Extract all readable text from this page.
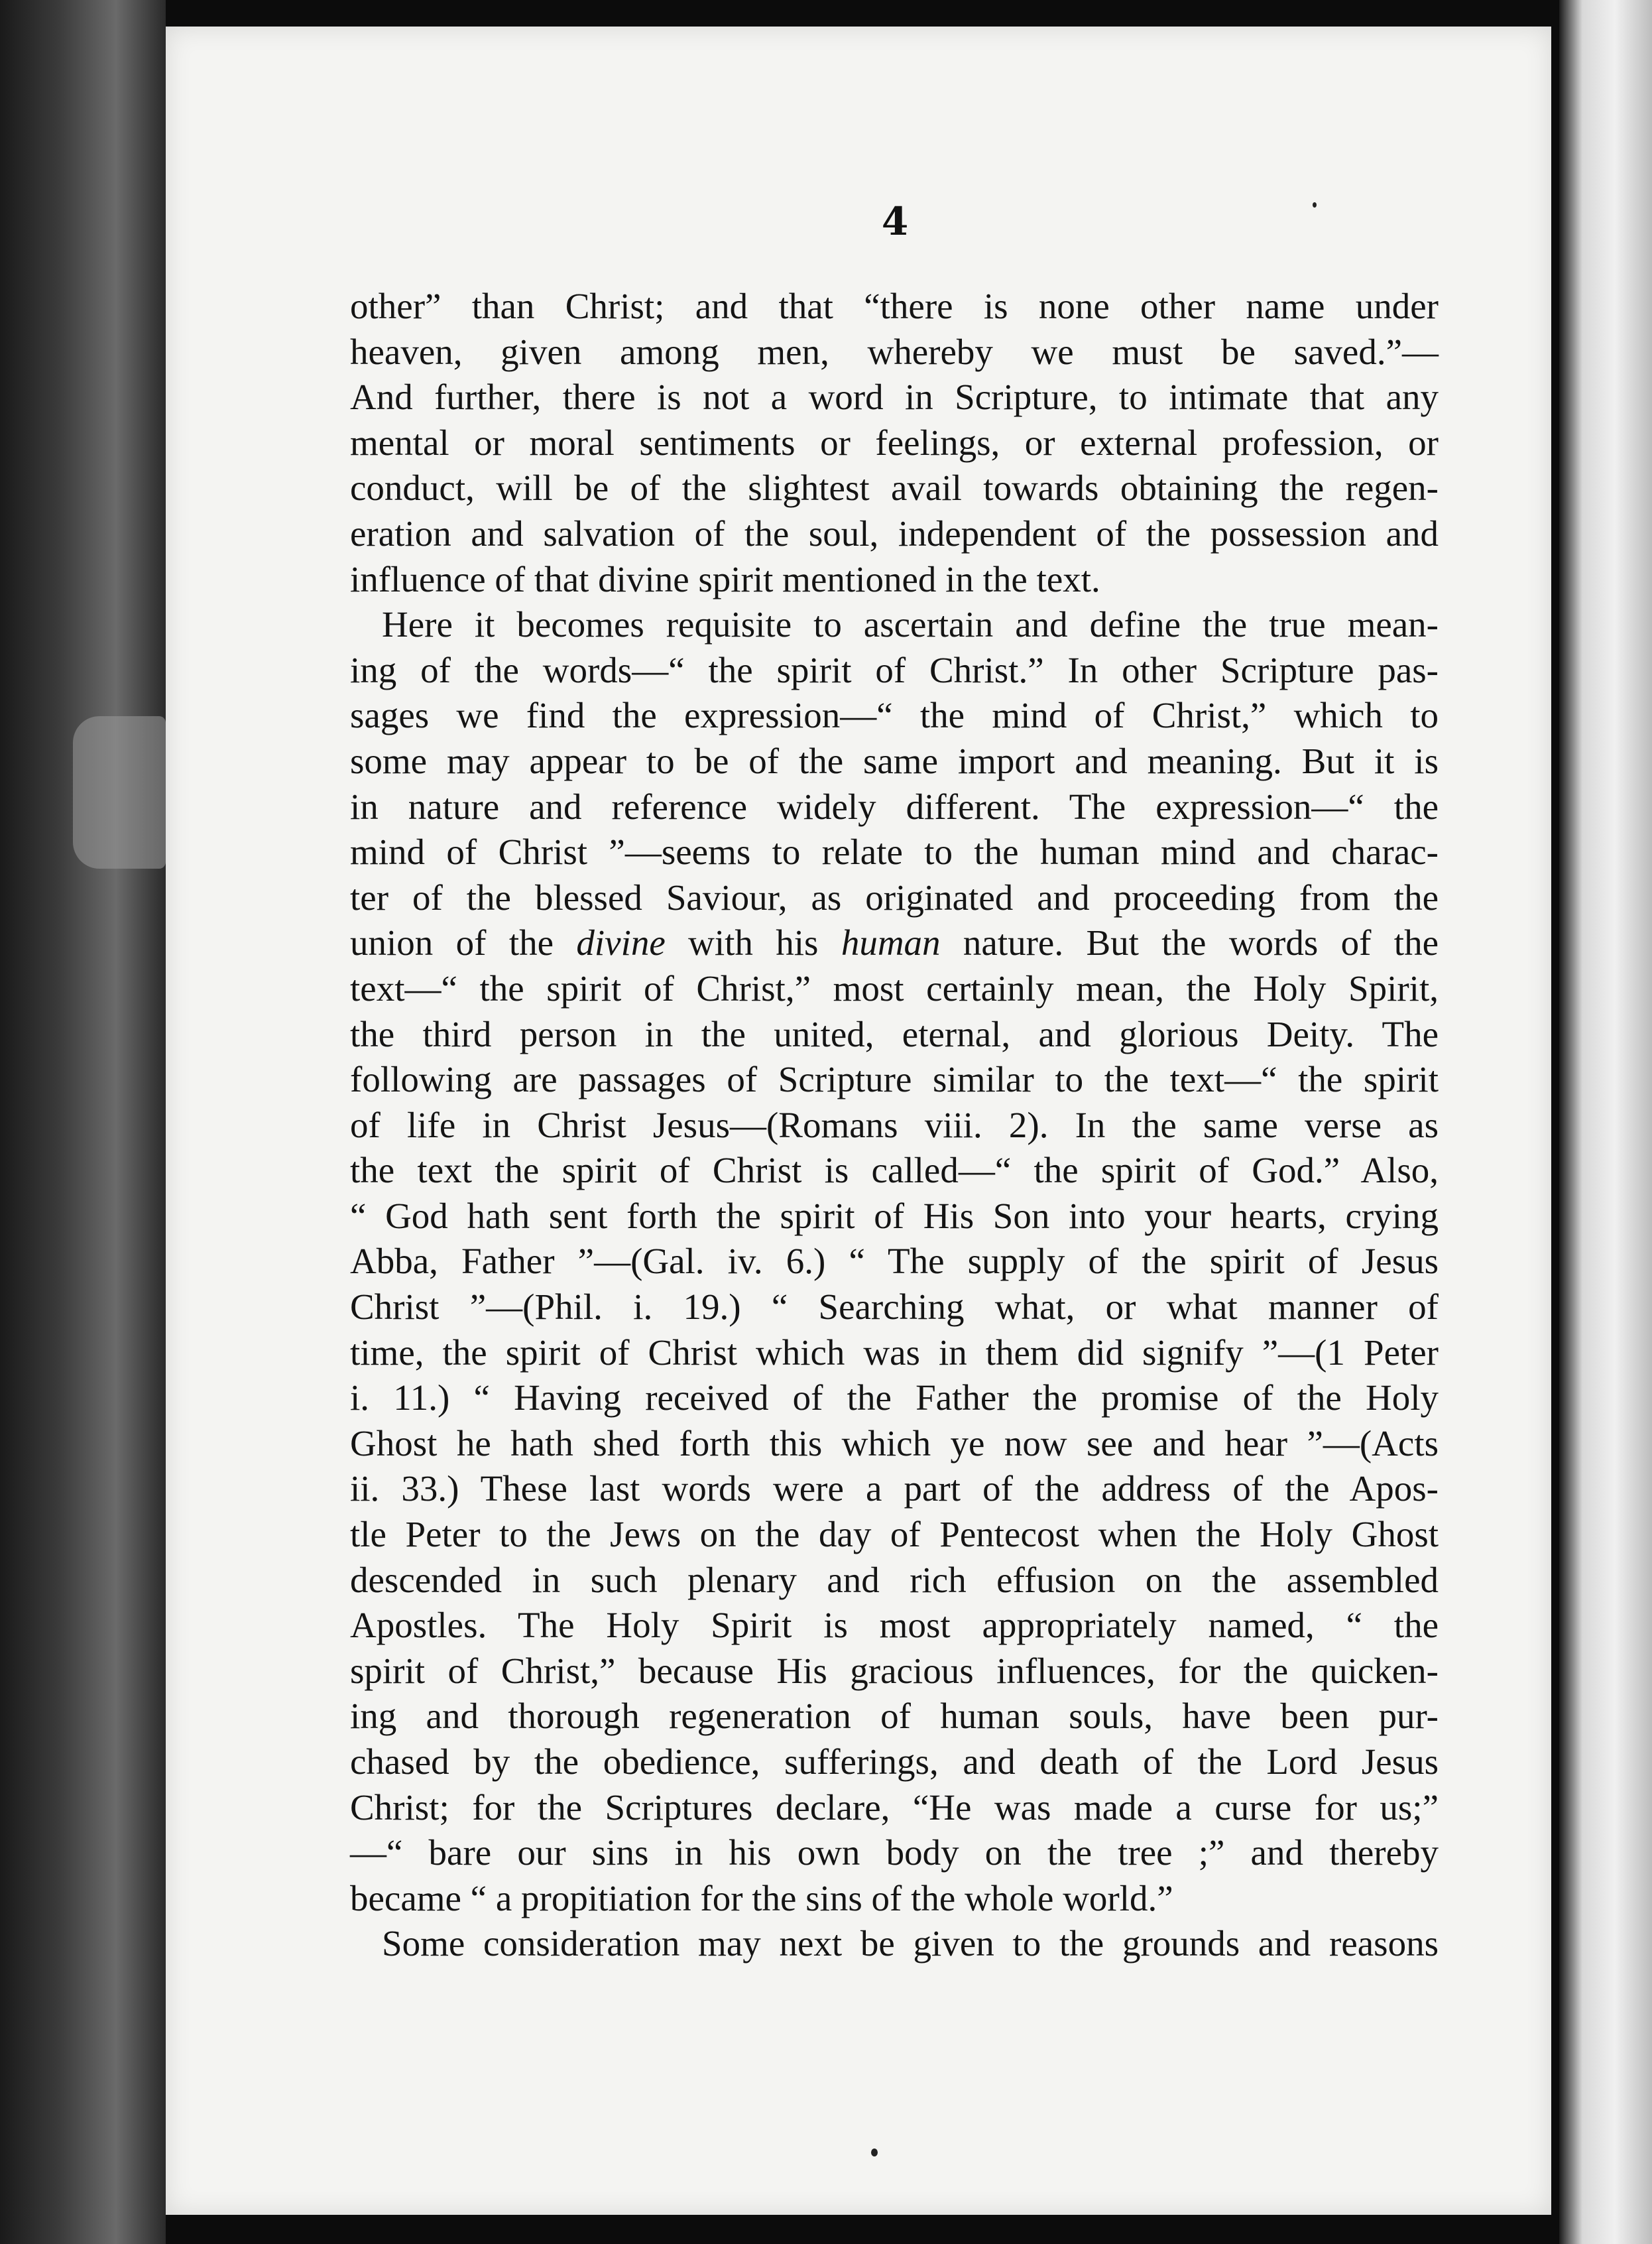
4
other” than Christ; and that “there is none other name under
heaven, given among men, whereby we must be saved.”—
And further, there is not a word in Scripture, to intimate that any
mental or moral sentiments or feelings, or external profession, or
conduct, will be of the slightest avail towards obtaining the regen-
eration and salvation of the soul, independent of the possession and
influence of that divine spirit mentioned in the text.
Here it becomes requisite to ascertain and define the true mean-
ing of the words—“ the spirit of Christ.” In other Scripture pas-
sages we find the expression—“ the mind of Christ,” which to
some may appear to be of the same import and meaning. But it is
in nature and reference widely different. The expression—“ the
mind of Christ ”—seems to relate to the human mind and charac-
ter of the blessed Saviour, as originated and proceeding from the
union of the divine with his human nature. But the words of the
text—“ the spirit of Christ,” most certainly mean, the Holy Spirit,
the third person in the united, eternal, and glorious Deity. The
following are passages of Scripture similar to the text—“ the spirit
of life in Christ Jesus—(Romans viii. 2). In the same verse as
the text the spirit of Christ is called—“ the spirit of God.” Also,
“ God hath sent forth the spirit of His Son into your hearts, crying
Abba, Father ”—(Gal. iv. 6.) “ The supply of the spirit of Jesus
Christ ”—(Phil. i. 19.) “ Searching what, or what manner of
time, the spirit of Christ which was in them did signify ”—(1 Peter
i. 11.) “ Having received of the Father the promise of the Holy
Ghost he hath shed forth this which ye now see and hear ”—(Acts
ii. 33.) These last words were a part of the address of the Apos-
tle Peter to the Jews on the day of Pentecost when the Holy Ghost
descended in such plenary and rich effusion on the assembled
Apostles. The Holy Spirit is most appropriately named, “ the
spirit of Christ,” because His gracious influences, for the quicken-
ing and thorough regeneration of human souls, have been pur-
chased by the obedience, sufferings, and death of the Lord Jesus
Christ; for the Scriptures declare, “He was made a curse for us;”
—“ bare our sins in his own body on the tree ;” and thereby
became “ a propitiation for the sins of the whole world.”
Some consideration may next be given to the grounds and reasons
